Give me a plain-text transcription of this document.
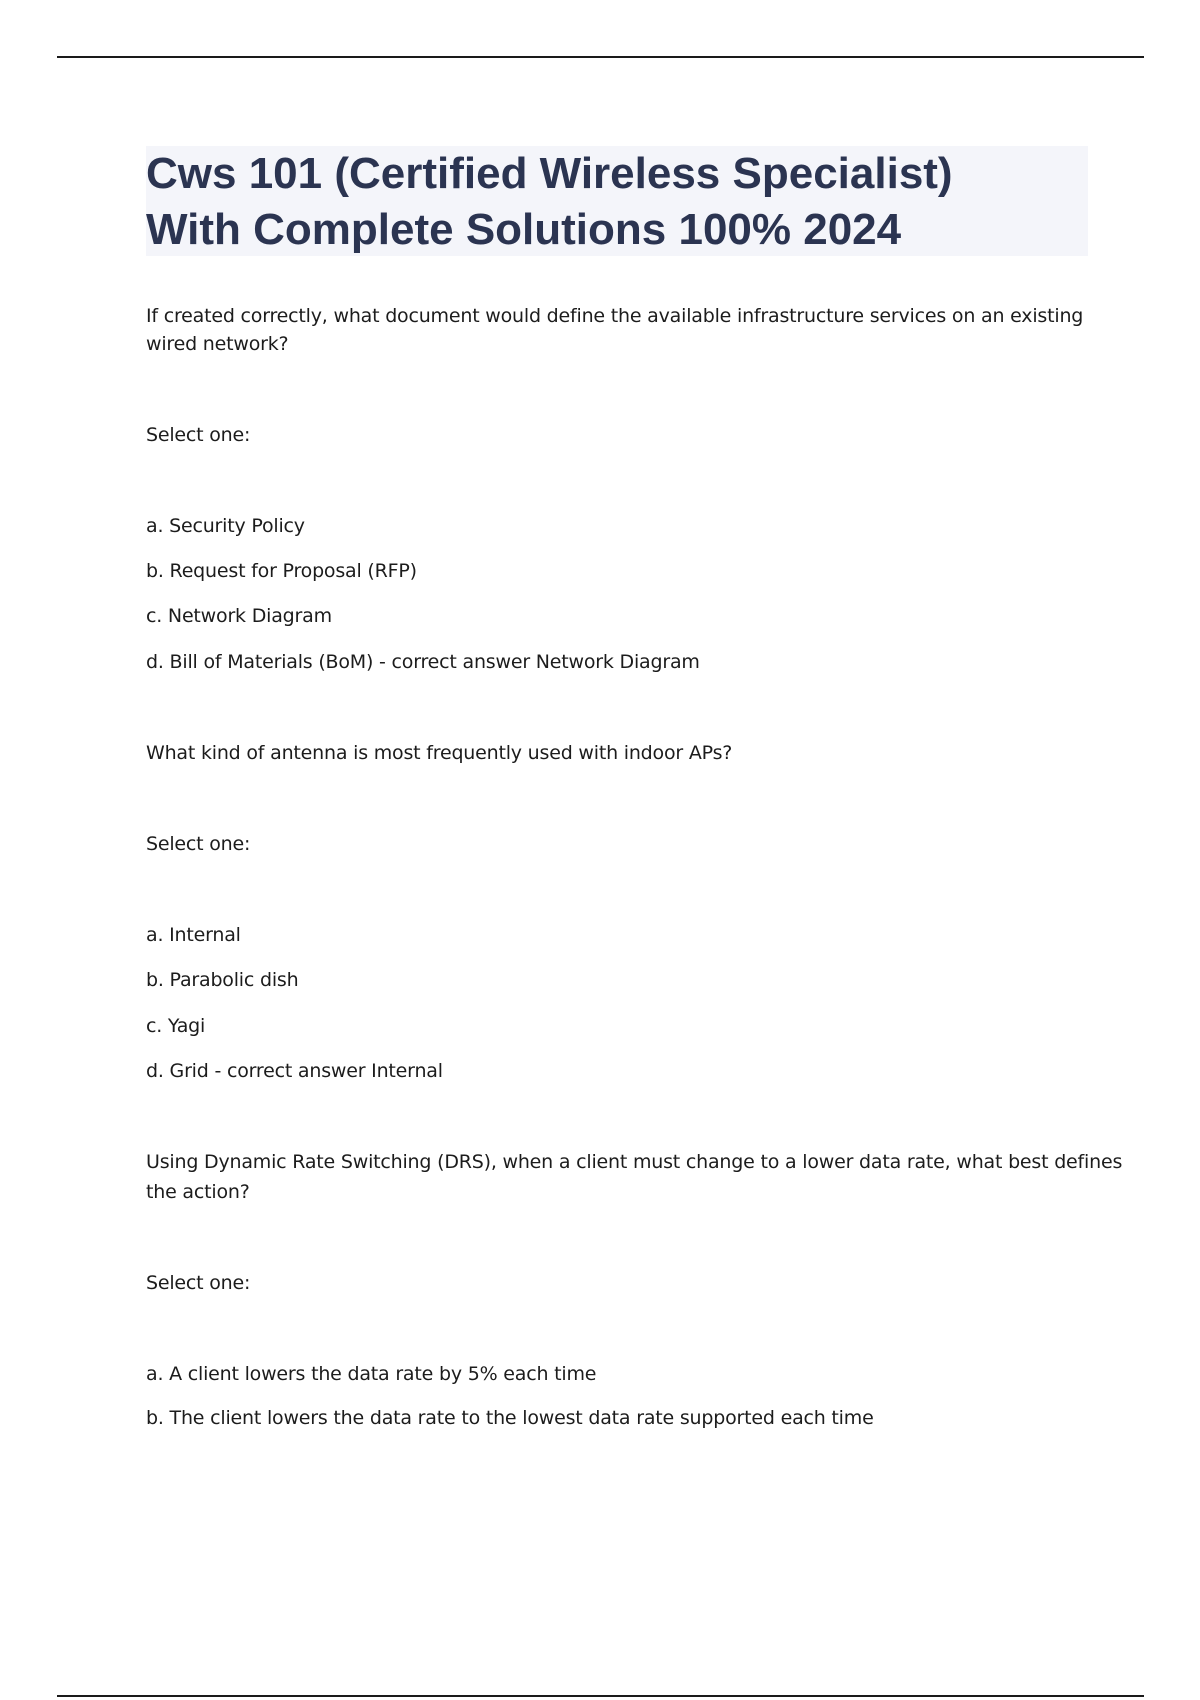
Cws 101 (Certified Wireless Specialist)
With Complete Solutions 100% 2024
If created correctly, what document would define the available infrastructure services on an existing
wired network?
Select one:
a. Security Policy
b. Request for Proposal (RFP)
c. Network Diagram
d. Bill of Materials (BoM) - correct answer Network Diagram
What kind of antenna is most frequently used with indoor APs?
Select one:
a. Internal
b. Parabolic dish
c. Yagi
d. Grid - correct answer Internal
Using Dynamic Rate Switching (DRS), when a client must change to a lower data rate, what best defines
the action?
Select one:
a. A client lowers the data rate by 5% each time
b. The client lowers the data rate to the lowest data rate supported each time
